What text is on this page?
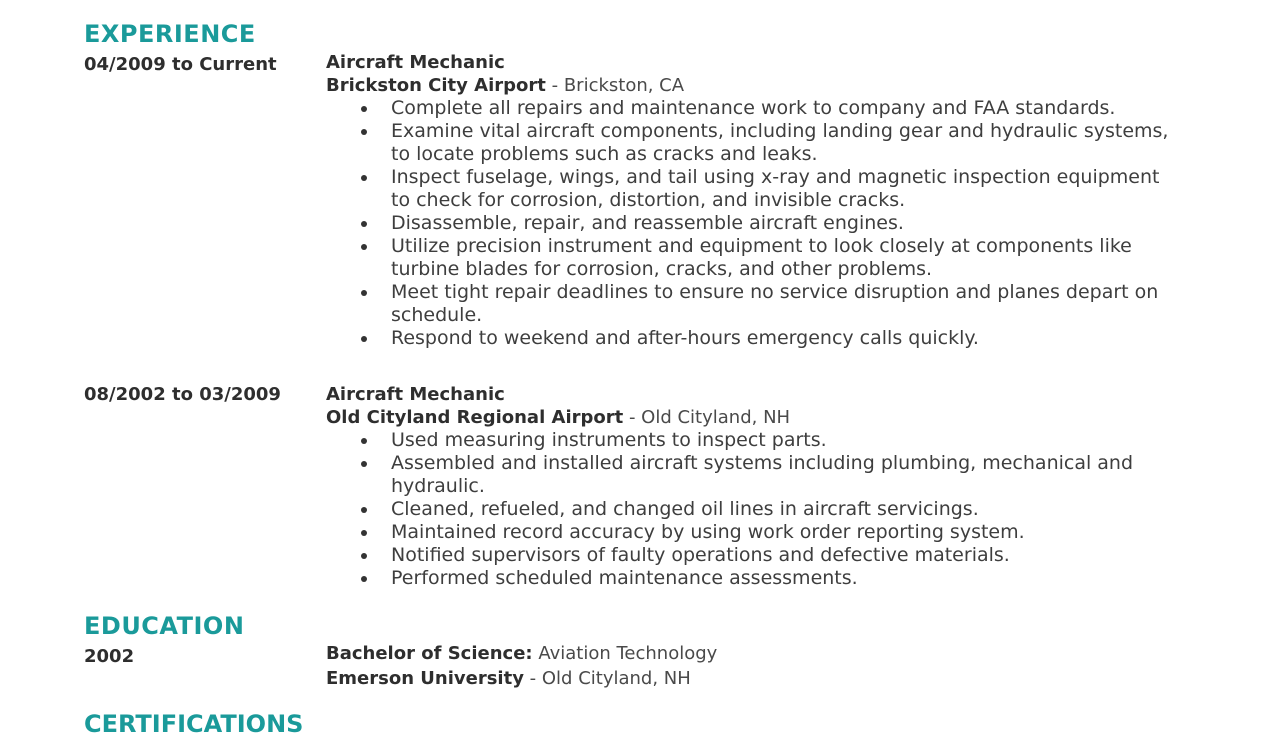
EXPERIENCE
04/2009 to Current	Aircraft Mechanic
Brickston City Airport - Brickston, CA
Complete all repairs and maintenance work to company and FAA standards.
Examine vital aircraft components, including landing gear and hydraulic systems, to locate problems such as cracks and leaks.
Inspect fuselage, wings, and tail using x-ray and magnetic inspection equipment to check for corrosion, distortion, and invisible cracks.
Disassemble, repair, and reassemble aircraft engines.
Utilize precision instrument and equipment to look closely at components like turbine blades for corrosion, cracks, and other problems.
Meet tight repair deadlines to ensure no service disruption and planes depart on schedule.
Respond to weekend and after-hours emergency calls quickly.
08/2002 to 03/2009	Aircraft Mechanic
Old Cityland Regional Airport - Old Cityland, NH
Used measuring instruments to inspect parts.
Assembled and installed aircraft systems including plumbing, mechanical and hydraulic.
Cleaned, refueled, and changed oil lines in aircraft servicings.
Maintained record accuracy by using work order reporting system.
Notified supervisors of faulty operations and defective materials.
Performed scheduled maintenance assessments.
EDUCATION
2002	Bachelor of Science: Aviation Technology
Emerson University - Old Cityland, NH
CERTIFICATIONS
